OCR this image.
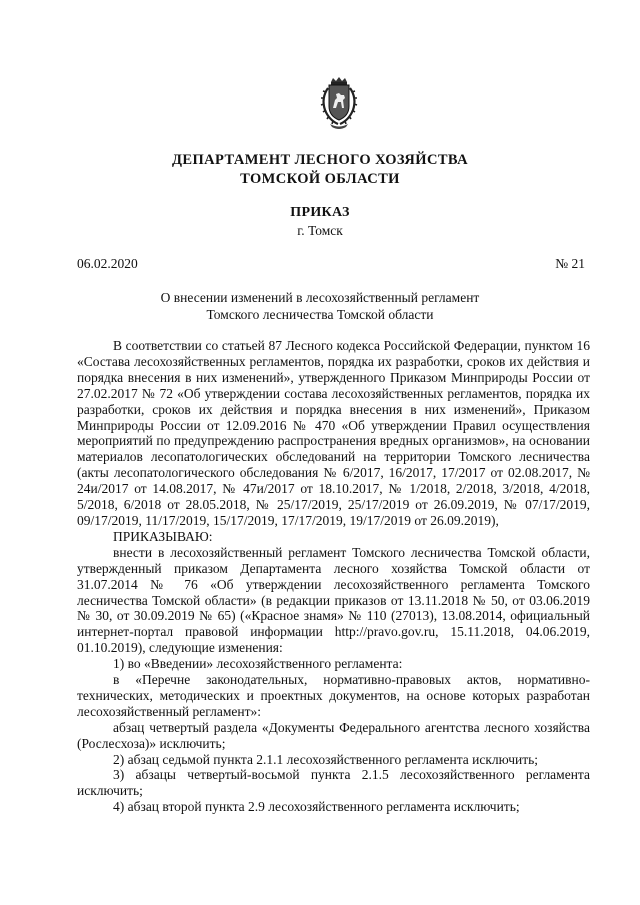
ДЕПАРТАМЕНТ ЛЕСНОГО ХОЗЯЙСТВА
ТОМСКОЙ ОБЛАСТИ
ПРИКАЗ
г. Томск
06.02.2020	№ 21
О внесении изменений в лесохозяйственный регламент
Томского лесничества Томской области

В соответствии со статьей 87 Лесного кодекса Российской Федерации, пунктом 16 «Состава лесохозяйственных регламентов, порядка их разработки, сроков их действия и порядка внесения в них изменений», утвержденного Приказом Минприроды России от 27.02.2017 № 72 «Об утверждении состава лесохозяйственных регламентов, порядка их разработки, сроков их действия и порядка внесения в них изменений», Приказом Минприроды России от 12.09.2016 № 470 «Об утверждении Правил осуществления мероприятий по предупреждению распространения вредных организмов», на основании материалов лесопатологических обследований на территории Томского лесничества (акты лесопатологического обследования № 6/2017, 16/2017, 17/2017 от 02.08.2017, № 24и/2017 от 14.08.2017, № 47и/2017 от 18.10.2017, № 1/2018, 2/2018, 3/2018, 4/2018, 5/2018, 6/2018 от 28.05.2018, № 25/17/2019, 25/17/2019 от 26.09.2019, № 07/17/2019, 09/17/2019, 11/17/2019, 15/17/2019, 17/17/2019, 19/17/2019 от 26.09.2019),

ПРИКАЗЫВАЮ:

внести в лесохозяйственный регламент Томского лесничества Томской области, утвержденный приказом Департамента лесного хозяйства Томской области от 31.07.2014 № 76 «Об утверждении лесохозяйственного регламента Томского лесничества Томской области» (в редакции приказов от 13.11.2018 № 50, от 03.06.2019 № 30, от 30.09.2019 № 65) («Красное знамя» № 110 (27013), 13.08.2014, официальный интернет-портал правовой информации http://pravo.gov.ru, 15.11.2018, 04.06.2019, 01.10.2019), следующие изменения:

1) во «Введении» лесохозяйственного регламента:

в «Перечне законодательных, нормативно-правовых актов, нормативно-технических, методических и проектных документов, на основе которых разработан лесохозяйственный регламент»:

абзац четвертый раздела «Документы Федерального агентства лесного хозяйства (Рослесхоза)» исключить;

2) абзац седьмой пункта 2.1.1 лесохозяйственного регламента исключить;

3) абзацы четвертый-восьмой пункта 2.1.5 лесохозяйственного регламента исключить;

4) абзац второй пункта 2.9 лесохозяйственного регламента исключить;
